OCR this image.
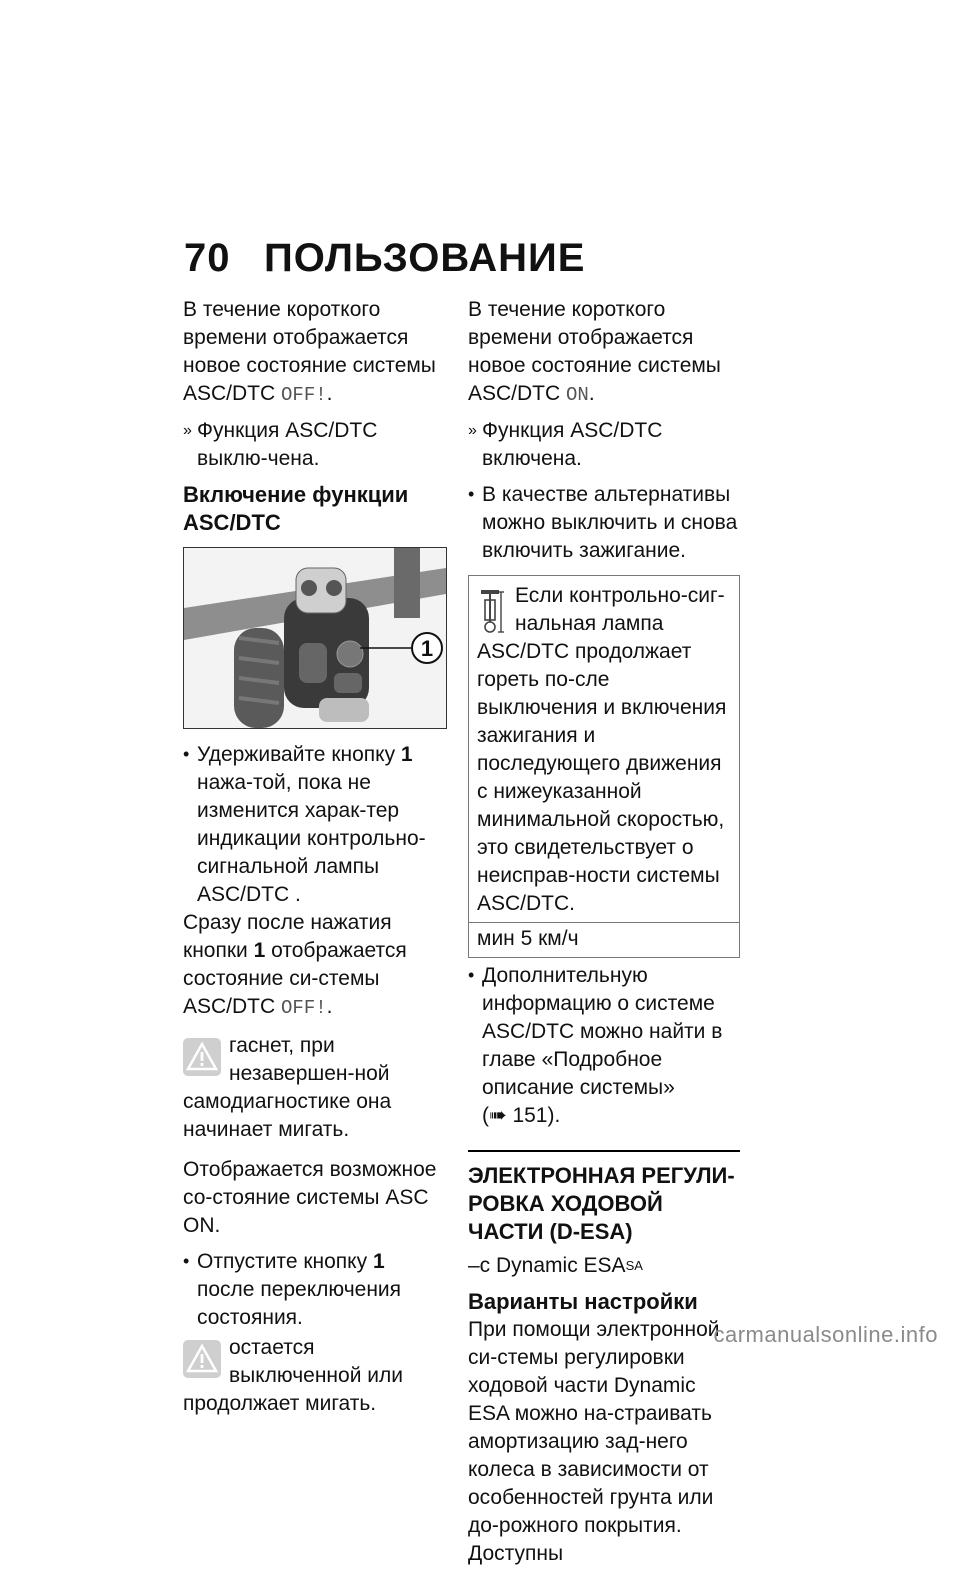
70 ПОЛЬЗОВАНИЕ

В течение короткого времени отображается новое состояние системы ASC/DTC OFF!.

» Функция ASC/DTC выклю-чена.
Включение функции ASC/DTC
1
• Удерживайте кнопку 1 нажа-той, пока не изменится харак-тер индикации контрольно-сигнальной лампы ASC/DTC .

Сразу после нажатия кнопки 1 отображается состояние си-стемы ASC/DTC OFF!.

гаснет, при незавершен-ной самодиагностике она начинает мигать.

Отображается возможное со-стояние системы ASC ON.

• Отпустите кнопку 1 после переключения состояния.
остается выключенной или продолжает мигать.

В течение короткого времени отображается новое состояние системы ASC/DTC ON.

» Функция ASC/DTC включена.
• В качестве альтернативы можно выключить и снова включить зажигание.
Если контрольно-сиг-нальная лампа ASC/DTC продолжает гореть по-сле выключения и включения зажигания и последующего движения с нижеуказанной минимальной скоростью, это свидетельствует о неисправ-ности системы ASC/DTC.
мин 5 км/ч
• Дополнительную информацию о системе ASC/DTC можно найти в главе «Подробное описание системы» (➠ 151).
ЭЛЕКТРОННАЯ РЕГУЛИ-РОВКА ХОДОВОЙ ЧАСТИ (D-ESA)

–с Dynamic $ESA^{SA}$

Варианты настройки

При помощи электронной си-стемы регулировки ходовой части Dynamic ESA можно на-страивать амортизацию зад-него колеса в зависимости от особенностей грунта или до-рожного покрытия. Доступны

carmanualsonline.info
